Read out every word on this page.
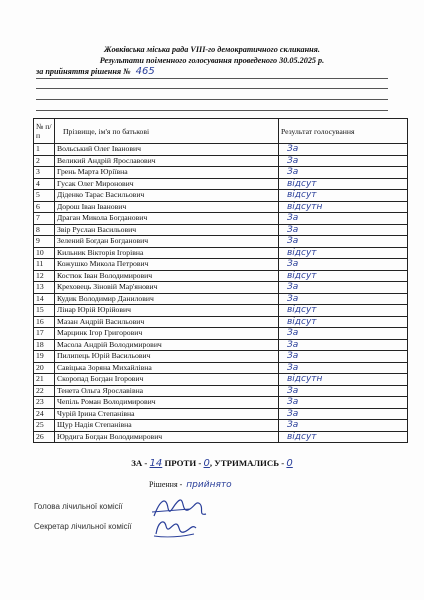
Жовківська міська рада VIII-го демократичного скликання.
Результати поіменного голосування проведеного 30.05.2025 р.
за прийняття рішення № 465
№ п/п	Прізвище, ім'я по батькові	Результат голосування
1	Вольський Олег Іванович	За
2	Великий Андрій Ярославович	За
3	Грень Марта Юріївна	За
4	Гусак Олег Миронович	відсут
5	Діденко Тарас Васильович	відсут
6	Дорош Іван Іванович	відсутн
7	Драган Микола Богданович	За
8	Звір Руслан Васильович	За
9	Зелений Богдан Богданович	За
10	Кильник Вікторія Ігорівна	відсут
11	Кожушко Микола Петрович	За
12	Костюк Іван Володимирович	відсут
13	Креховець Зіновій Мар'янович	За
14	Кудик Володимир Данилович	За
15	Лінар Юрій Юрійович	відсут
16	Мазан Андрій Васильович	відсут
17	Марцинк Ігор Григорович	За
18	Масола Андрій Володимирович	За
19	Пилипець Юрій Васильович	За
20	Савіцька Зоряна Михайлівна	За
21	Скоропад Богдан Ігорович	відсутн
22	Тенета Ольга Ярославівна	За
23	Чепіль Роман Володимирович	За
24	Чурій Ірина Степанівна	За
25	Щур Надія Степанівна	За
26	Юрдига Богдан Володимирович	відсут
ЗА - 14 ПРОТИ - 0, УТРИМАЛИСЬ - 0
Рішення - прийнято
Голова лічильної комісії
Секретар лічильної комісії
